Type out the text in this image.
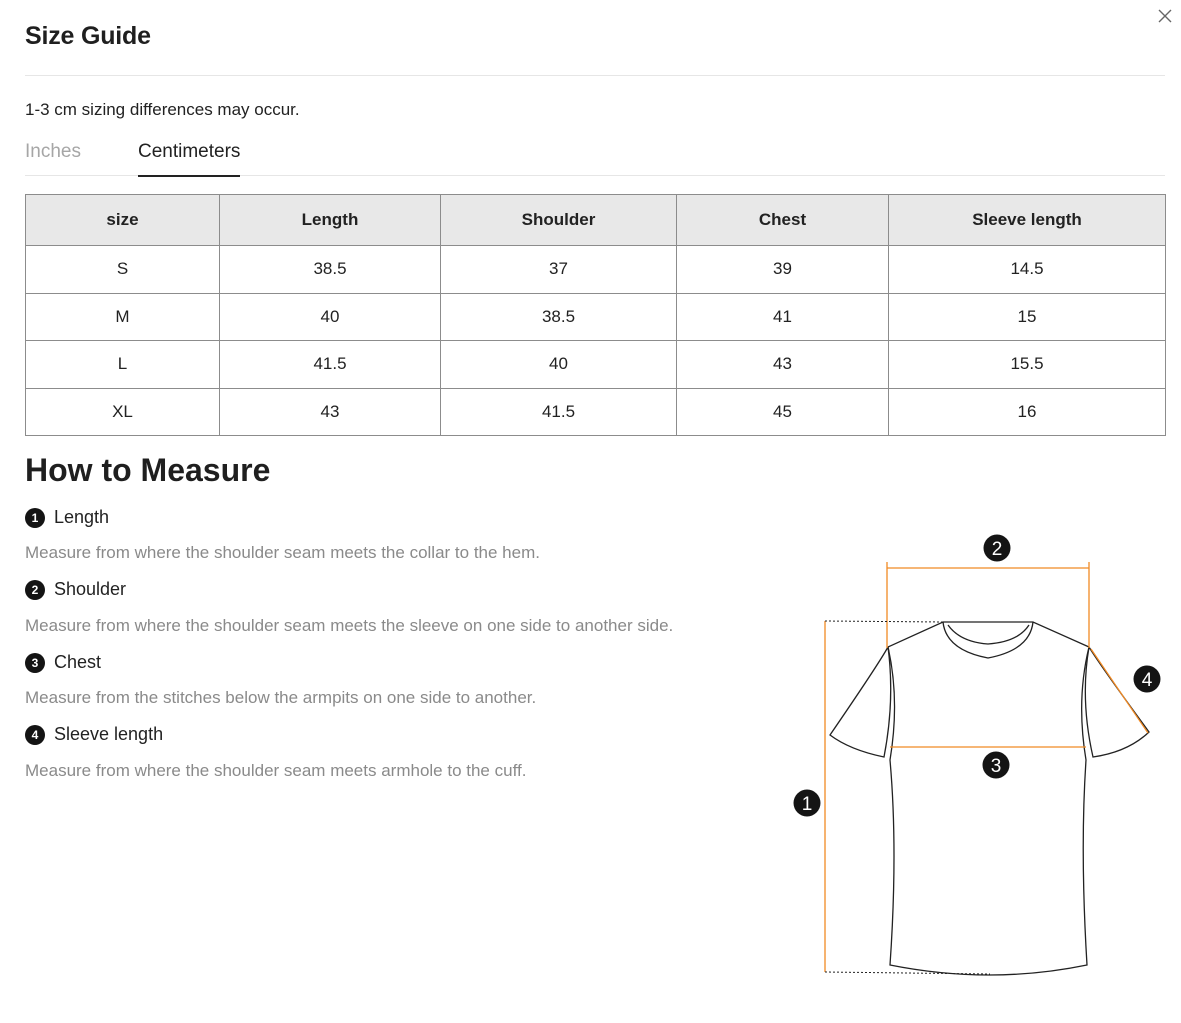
Size Guide
1-3 cm sizing differences may occur.
Inches	Centimeters
size	Length	Shoulder	Chest	Sleeve length
S	38.5	37	39	14.5
M	40	38.5	41	15
L	41.5	40	43	15.5
XL	43	41.5	45	16
How to Measure
1 Length
Measure from where the shoulder seam meets the collar to the hem.
2 Shoulder
Measure from where the shoulder seam meets the sleeve on one side to another side.
3 Chest
Measure from the stitches below the armpits on one side to another.
4 Sleeve length
Measure from where the shoulder seam meets armhole to the cuff.
1
2
3
4
